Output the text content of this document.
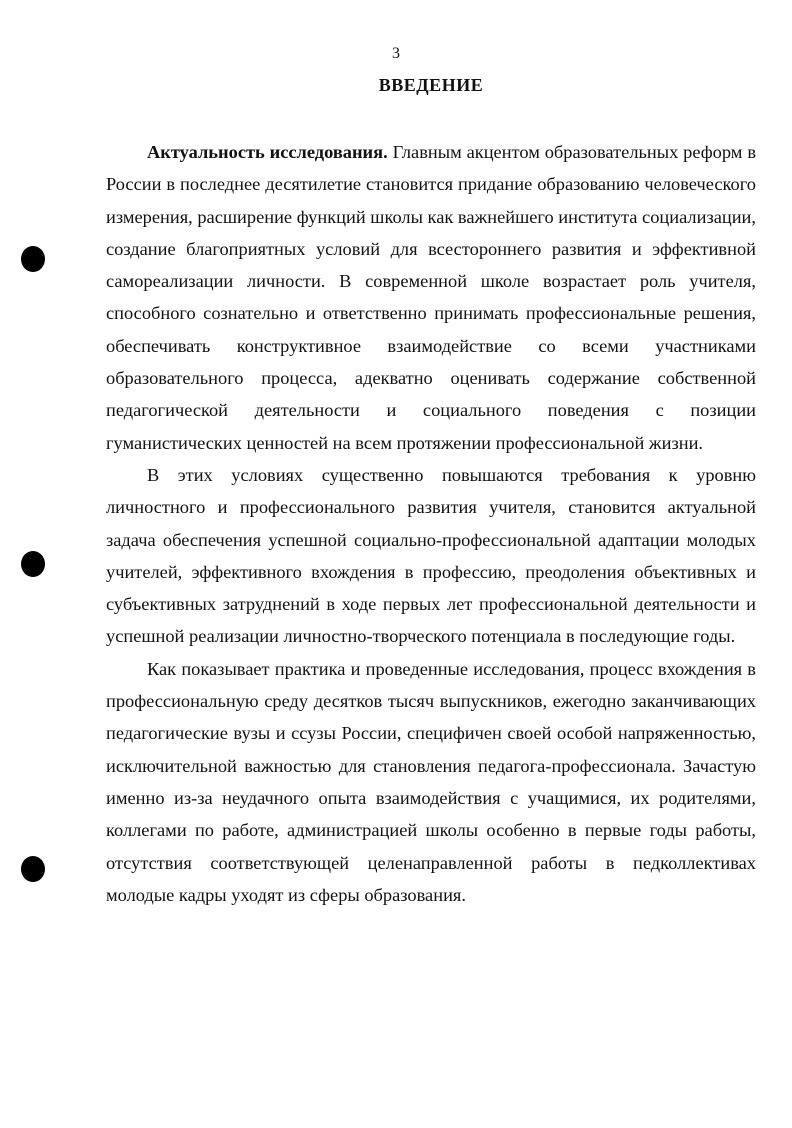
3
ВВЕДЕНИЕ

Актуальность исследования. Главным акцентом образовательных реформ в России в последнее десятилетие становится придание образованию человеческого измерения, расширение функций школы как важнейшего института социализации, создание благоприятных условий для всестороннего развития и эффективной самореализации личности. В современной школе возрастает роль учителя, способного сознательно и ответственно принимать профессиональные решения, обеспечивать конструктивное взаимодействие со всеми участниками образовательного процесса, адекватно оценивать содержание собственной педагогической деятельности и социального поведения с позиции гуманистических ценностей на всем протяжении профессиональной жизни.

В этих условиях существенно повышаются требования к уровню личностного и профессионального развития учителя, становится актуальной задача обеспечения успешной социально-профессиональной адаптации молодых учителей, эффективного вхождения в профессию, преодоления объективных и субъективных затруднений в ходе первых лет профессиональной деятельности и успешной реализации личностно-творческого потенциала в последующие годы.

Как показывает практика и проведенные исследования, процесс вхождения в профессиональную среду десятков тысяч выпускников, ежегодно заканчивающих педагогические вузы и ссузы России, специфичен своей особой напряженностью, исключительной важностью для становления педагога-профессионала. Зачастую именно из-за неудачного опыта взаимодействия с учащимися, их родителями, коллегами по работе, администрацией школы особенно в первые годы работы, отсутствия соответствующей целенаправленной работы в педколлективах молодые кадры уходят из сферы образования.
